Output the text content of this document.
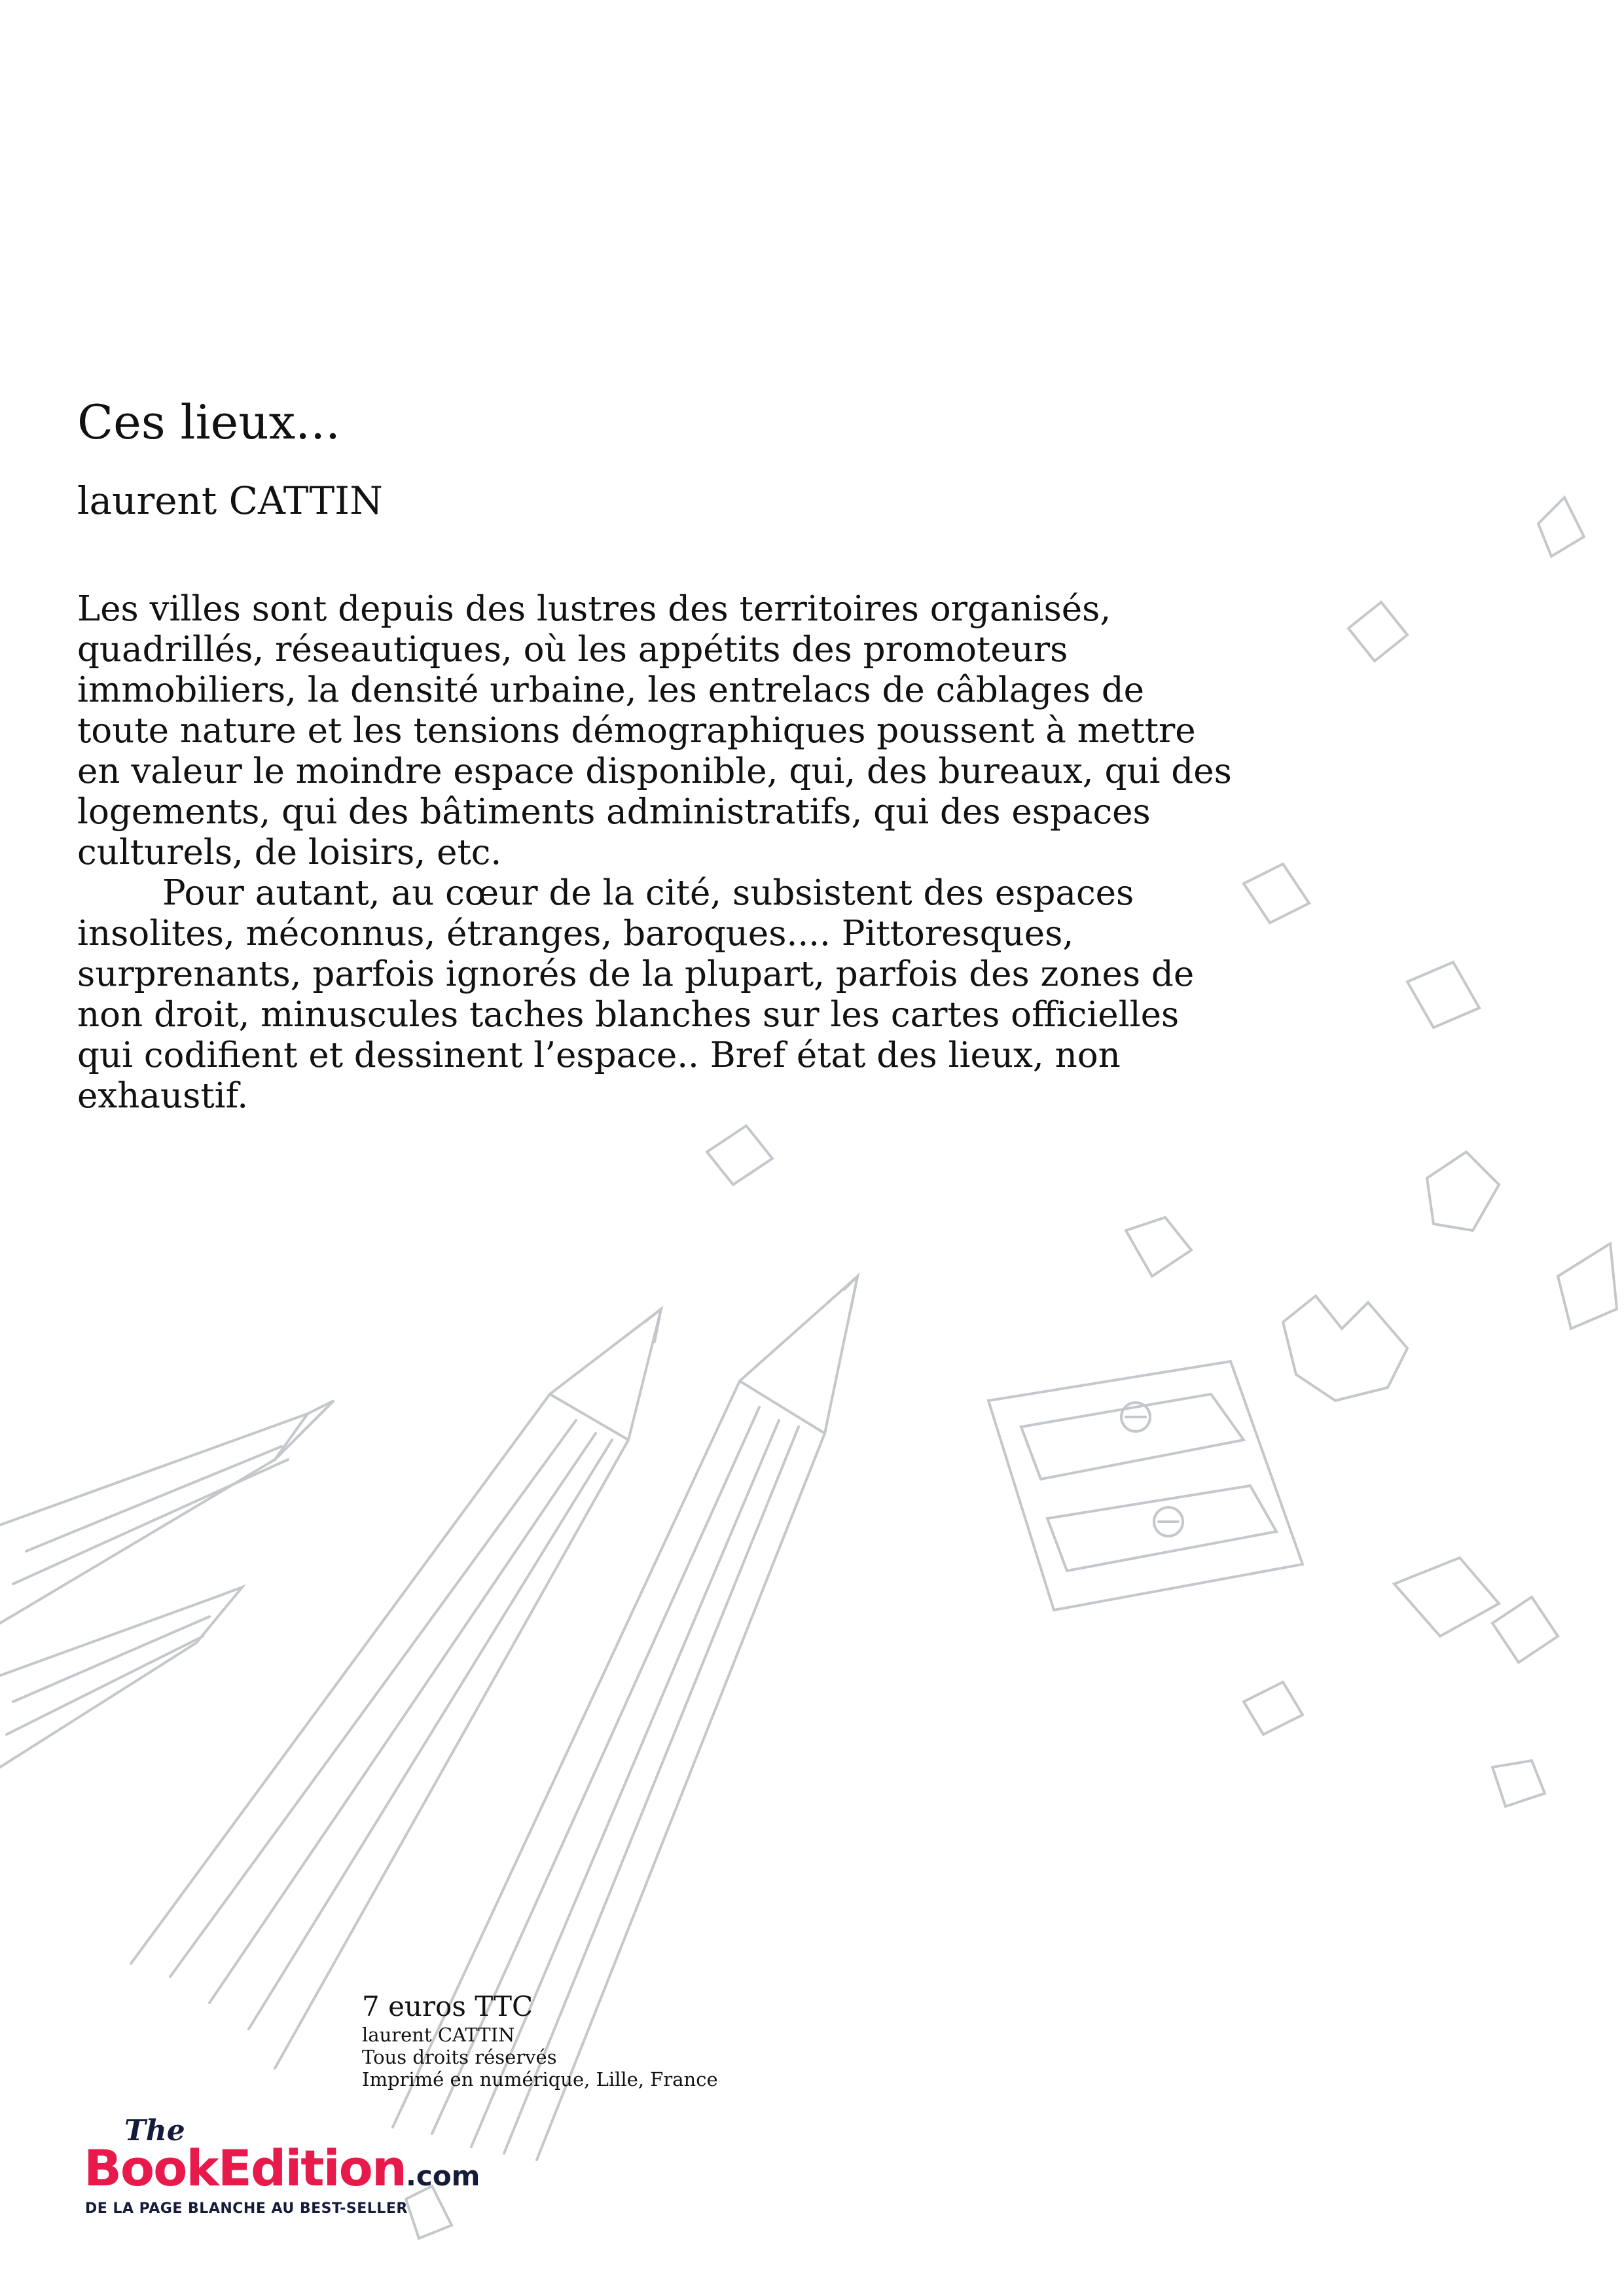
Ces lieux...
laurent CATTIN

Les villes sont depuis des lustres des territoires organisés, quadrillés, réseautiques, où les appétits des promoteurs immobiliers, la densité urbaine, les entrelacs de câblages de toute nature et les tensions démographiques poussent à mettre en valeur le moindre espace disponible, qui, des bureaux, qui des logements, qui des bâtiments administratifs, qui des espaces culturels, de loisirs, etc.

Pour autant, au cœur de la cité, subsistent des espaces insolites, méconnus, étranges, baroques.... Pittoresques, surprenants, parfois ignorés de la plupart, parfois des zones de non droit, minuscules taches blanches sur les cartes officielles qui codifient et dessinent l’espace.. Bref état des lieux, non exhaustif.

7 euros TTC
laurent CATTIN
Tous droits réservés
Imprimé en numérique, Lille, France
The
BookEdition.com
DE LA PAGE BLANCHE AU BEST-SELLER
